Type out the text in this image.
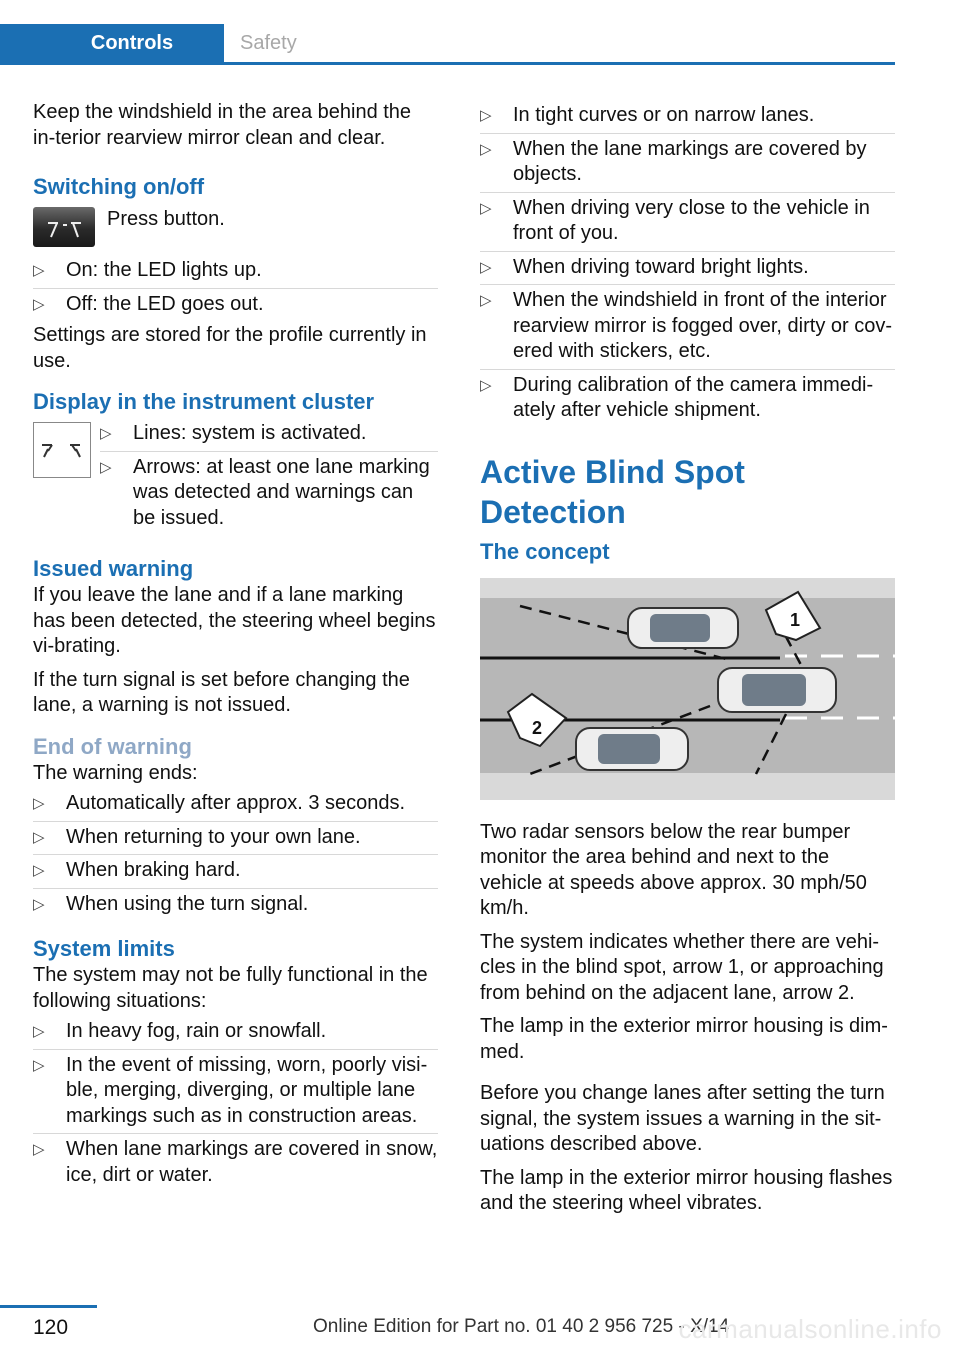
Controls	Safety

Keep the windshield in the area behind the in‐terior rearview mirror clean and clear.

Switching on/off
Press button.
▷ On: the LED lights up.
▷ Off: the LED goes out.

Settings are stored for the profile currently in use.

Display in the instrument cluster
▷ Lines: system is activated.
▷ Arrows: at least one lane marking was detected and warnings can be issued.
Issued warning

If you leave the lane and if a lane marking has been detected, the steering wheel begins vi‐brating.

If the turn signal is set before changing the lane, a warning is not issued.

End of warning

The warning ends:

▷ Automatically after approx. 3 seconds.
▷ When returning to your own lane.
▷ When braking hard.
▷ When using the turn signal.
System limits

The system may not be fully functional in the following situations:

▷ In heavy fog, rain or snowfall.
▷ In the event of missing, worn, poorly visi‐ble, merging, diverging, or multiple lane markings such as in construction areas.
▷ When lane markings are covered in snow, ice, dirt or water.
▷ In tight curves or on narrow lanes.
▷ When the lane markings are covered by objects.
▷ When driving very close to the vehicle in front of you.
▷ When driving toward bright lights.
▷ When the windshield in front of the interior rearview mirror is fogged over, dirty or cov‐ered with stickers, etc.
▷ During calibration of the camera immedi‐ately after vehicle shipment.
Active Blind Spot Detection
The concept
1
2

Two radar sensors below the rear bumper monitor the area behind and next to the vehicle at speeds above approx. 30 mph/50 km/h.

The system indicates whether there are vehi‐cles in the blind spot, arrow 1, or approaching from behind on the adjacent lane, arrow 2.

The lamp in the exterior mirror housing is dim‐med.

Before you change lanes after setting the turn signal, the system issues a warning in the sit‐uations described above.

The lamp in the exterior mirror housing flashes and the steering wheel vibrates.

120	Online Edition for Part no. 01 40 2 956 725 - X/14
carmanualsonline.info
